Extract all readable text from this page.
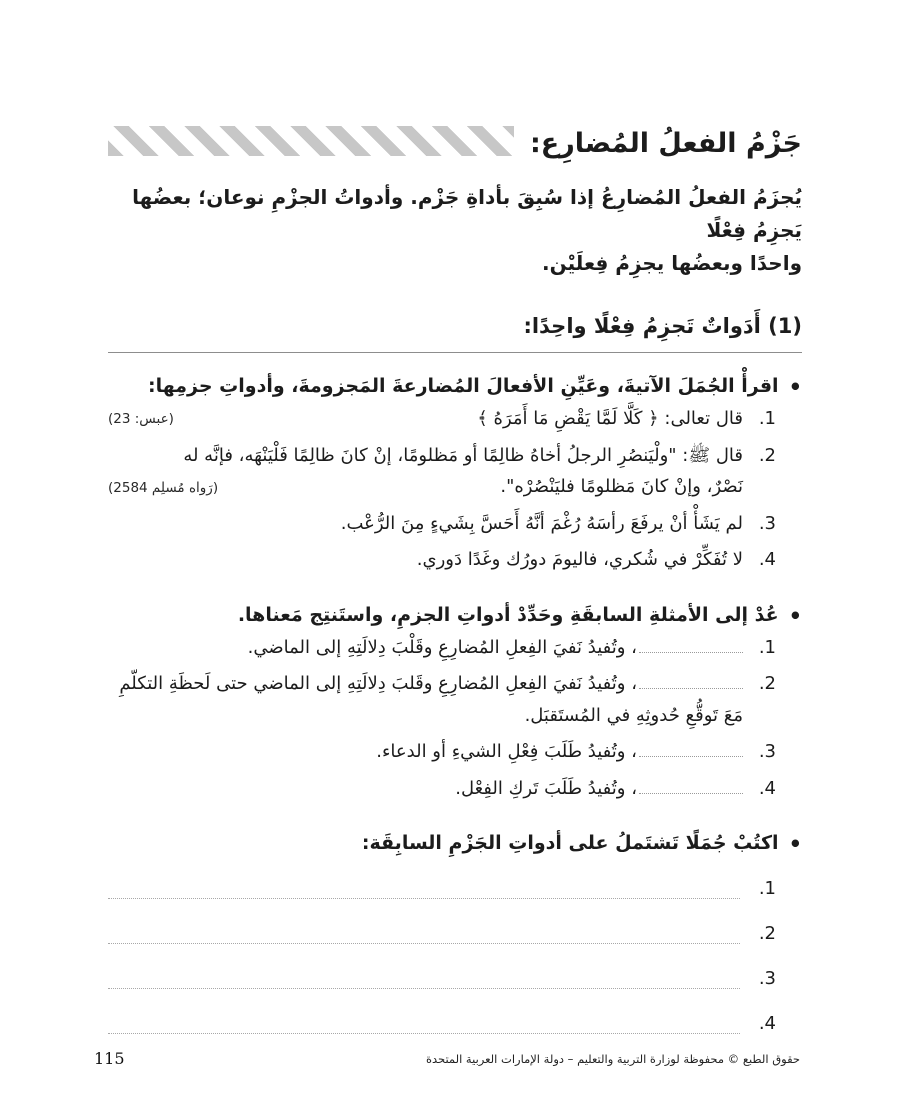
جَزْمُ الفعلُ المُضارِع:
يُجزَمُ الفعلُ المُضارِعُ إذا سُبِقَ بأداةِ جَزْم. وأدواتُ الجزْمِ نوعان؛ بعضُها يَجزِمُ فِعْلًا
واحدًا وبعضُها يجزِمُ فِعلَيْن.
(1) أَدَواتٌ تَجزِمُ فِعْلًا واحِدًا:
•
اقرأْ الجُمَلَ الآتيةَ، وعَيِّنِ الأفعالَ المُضارعةَ المَجزومةَ، وأدواتِ جزمِها:
1.
(عبس: 23)	قال تعالى: ﴿ كَلَّا لَمَّا يَقْضِ مَا أَمَرَهُ ﴾
2.
قال ﷺ: "ولْيَنصُرِ الرجلُ أخاهُ ظالِمًا أو مَظلومًا، إنْ كانَ ظالِمًا فَلْيَنْهَه، فإنَّه له
نَصْرٌ، وإنْ كانَ مَظلومًا فليَنْصُرْه".
(رَواه مُسلِم 2584)
3.
لم يَشَأْ أنْ يرفَعَ رأسَهُ رُغْمَ أنَّهُ أَحَسَّ بِشَيءٍ مِنَ الرُّعْب.
4.
لا تُفَكِّرْ في شُكري، فاليومَ دورُك وغَدًا دَوري.
•
عُدْ إلى الأمثلةِ السابقَةِ وحَدِّدْ أدواتِ الجزمِ، واستَنتِج مَعناها.
1.
، وتُفيدُ نَفيَ الفِعلِ المُضارِعِ وقَلْبَ دِلالَتِهِ إلى الماضي.
2.
، وتُفيدُ نَفيَ الفِعلِ المُضارِعِ وقَلبَ دِلالَتِهِ إلى الماضي حتى لَحظَةِ التكلّمِ مَعَ تَوقُّعِ حُدوثِهِ في المُستَقبَل.
3.
، وتُفيدُ طَلَبَ فِعْلِ الشيءِ أو الدعاء.
4.
، وتُفيدُ طَلَبَ تَركِ الفِعْل.
•
اكتُبْ جُمَلًا تَشتَملُ على أدواتِ الجَزْمِ السابِقَة:
1.
2.
3.
4.
115	حقوق الطبع © محفوظة لوزارة التربية والتعليم – دولة الإمارات العربية المتحدة
